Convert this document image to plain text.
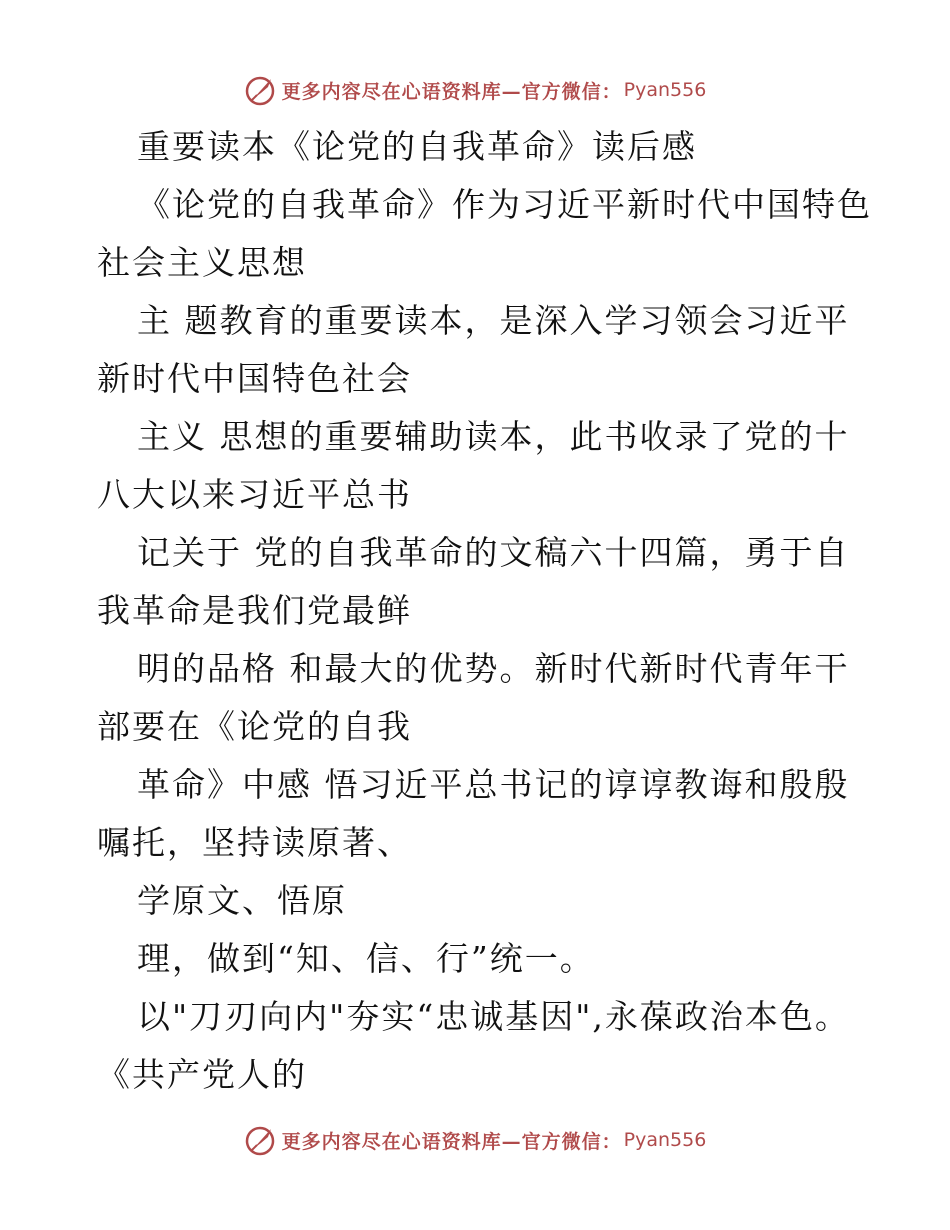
更多内容尽在心语资料库—官方微信： Pyan556
重要读本《论党的自我革命》读后感
《论党的自我革命》作为习近平新时代中国特色
社会主义思想
主 题教育的重要读本，是深入学习领会习近平
新时代中国特色社会
主义 思想的重要辅助读本，此书收录了党的十
八大以来习近平总书
记关于 党的自我革命的文稿六十四篇，勇于自
我革命是我们党最鲜
明的品格 和最大的优势。新时代新时代青年干
部要在《论党的自我
革命》中感 悟习近平总书记的谆谆教诲和殷殷
嘱托，坚持读原著、
学原文、悟原
理，做到“知、信、行”统一。
以"刀刃向内"夯实“忠诚基因",永葆政治本色。
《共产党人的
更多内容尽在心语资料库—官方微信： Pyan556
